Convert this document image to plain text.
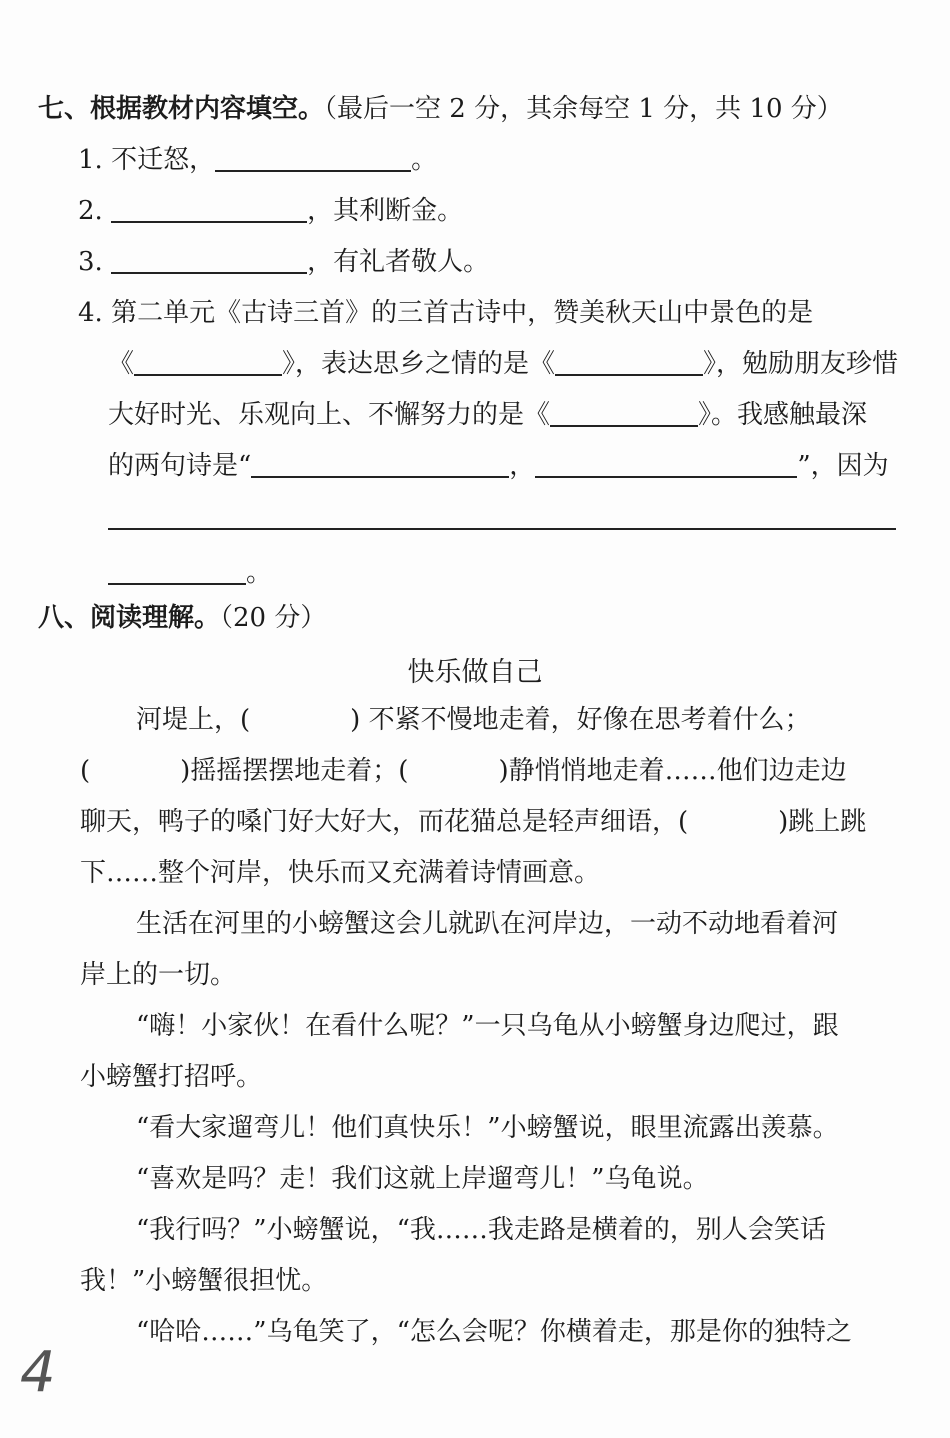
七、根据教材内容填空。（最后一空 2 分，其余每空 1 分，共 10 分）
1. 不迁怒，	。
2.	，其利断金。
3.	，有礼者敬人。
4. 第二单元《古诗三首》的三首古诗中，赞美秋天山中景色的是
《	》，表达思乡之情的是《	》，勉励朋友珍惜
大好时光、乐观向上、不懈努力的是《	》。我感触最深
的两句诗是“	，	”，因为
。
八、阅读理解。（20 分）
快乐做自己
河堤上，(	) 不紧不慢地走着，好像在思考着什么；
(	)摇摇摆摆地走着；(	)静悄悄地走着……他们边走边
聊天，鸭子的嗓门好大好大，而花猫总是轻声细语，(	)跳上跳
下……整个河岸，快乐而又充满着诗情画意。
生活在河里的小螃蟹这会儿就趴在河岸边，一动不动地看着河
岸上的一切。
“嗨！小家伙！在看什么呢？”一只乌龟从小螃蟹身边爬过，跟
小螃蟹打招呼。
“看大家遛弯儿！他们真快乐！”小螃蟹说，眼里流露出羡慕。
“喜欢是吗？走！我们这就上岸遛弯儿！”乌龟说。
“我行吗？”小螃蟹说，“我……我走路是横着的，别人会笑话
我！”小螃蟹很担忧。
“哈哈……”乌龟笑了，“怎么会呢？你横着走，那是你的独特之
4
